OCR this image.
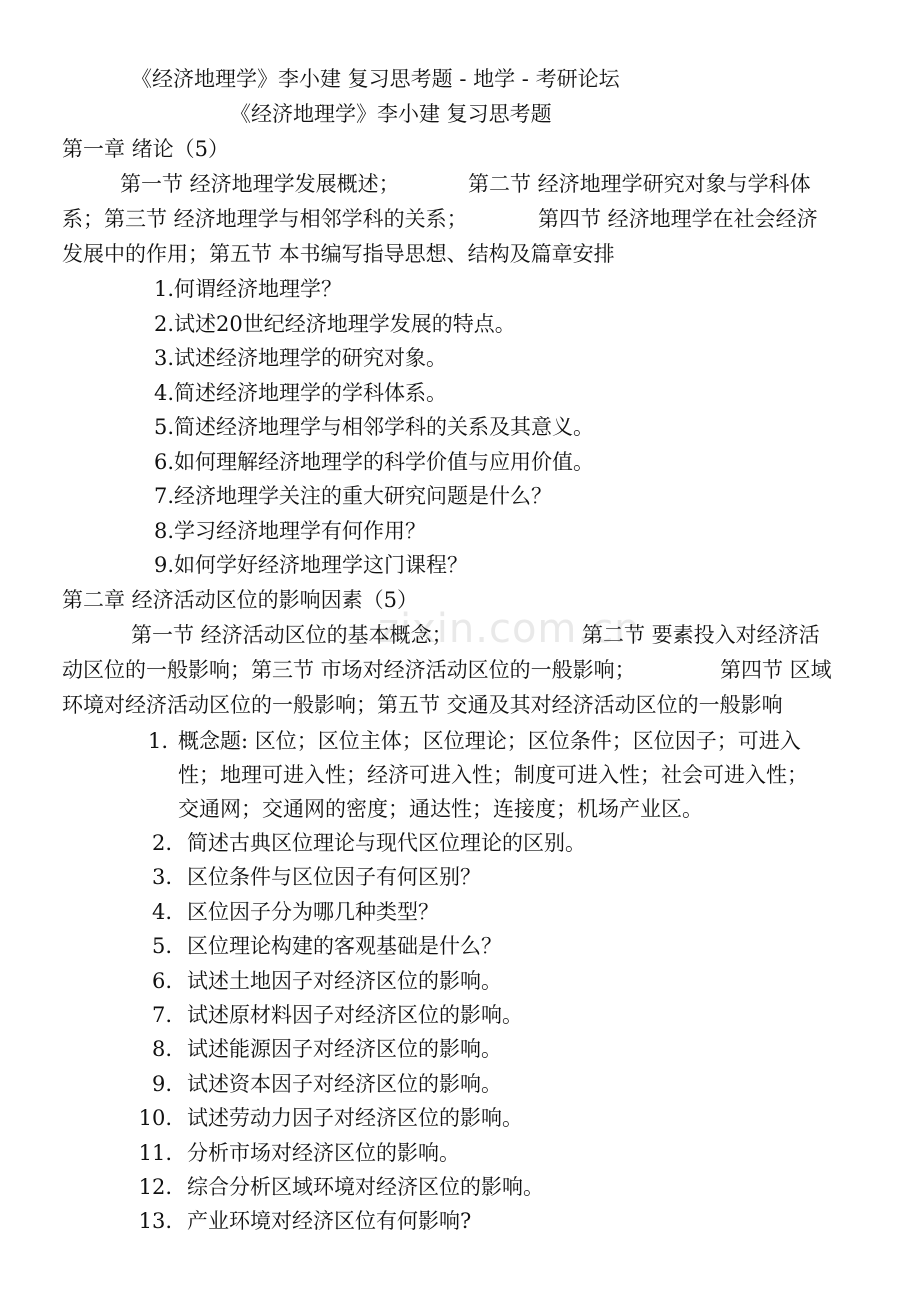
zixin.com.cn
《经济地理学》李小建 复习思考题 - 地学 - 考研论坛
《经济地理学》李小建 复习思考题
第一章 绪论（5）
第一节 经济地理学发展概述；	第二节 经济地理学研究对象与学科体
系；第三节 经济地理学与相邻学科的关系；	第四节 经济地理学在社会经济
发展中的作用；第五节 本书编写指导思想、结构及篇章安排
1.何谓经济地理学？
2.试述20世纪经济地理学发展的特点。
3.试述经济地理学的研究对象。
4.简述经济地理学的学科体系。
5.简述经济地理学与相邻学科的关系及其意义。
6.如何理解经济地理学的科学价值与应用价值。
7.经济地理学关注的重大研究问题是什么？
8.学习经济地理学有何作用？
9.如何学好经济地理学这门课程？
第二章 经济活动区位的影响因素（5）
第一节 经济活动区位的基本概念；	第二节 要素投入对经济活
动区位的一般影响；第三节 市场对经济活动区位的一般影响；	第四节 区域
环境对经济活动区位的一般影响；第五节 交通及其对经济活动区位的一般影响
1. 概念题: 区位；区位主体；区位理论；区位条件；区位因子；可进入
性；地理可进入性；经济可进入性；制度可进入性；社会可进入性；
交通网；交通网的密度；通达性；连接度；机场产业区。
2. 简述古典区位理论与现代区位理论的区别。
3. 区位条件与区位因子有何区别？
4. 区位因子分为哪几种类型？
5. 区位理论构建的客观基础是什么？
6. 试述土地因子对经济区位的影响。
7. 试述原材料因子对经济区位的影响。
8. 试述能源因子对经济区位的影响。
9. 试述资本因子对经济区位的影响。
10. 试述劳动力因子对经济区位的影响。
11. 分析市场对经济区位的影响。
12. 综合分析区域环境对经济区位的影响。
13. 产业环境对经济区位有何影响?
